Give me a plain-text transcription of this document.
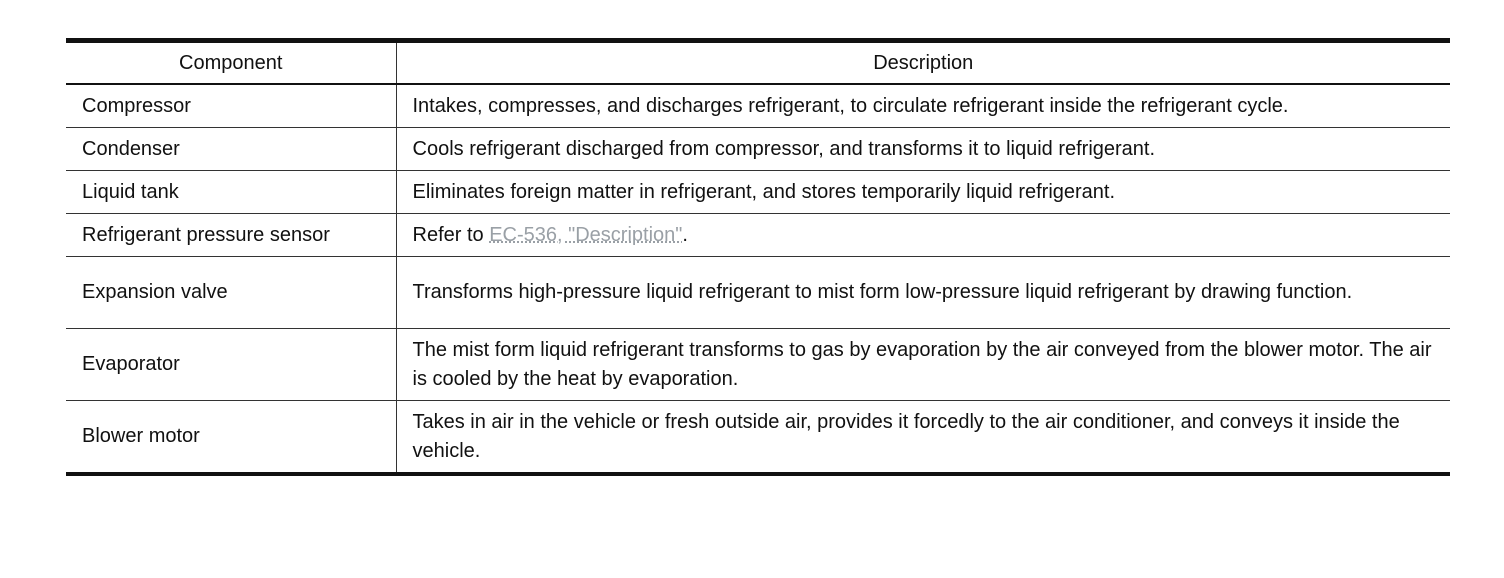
Component	Description
Compressor	Intakes, compresses, and discharges refrigerant, to circulate refrigerant inside the refrigerant cycle.
Condenser	Cools refrigerant discharged from compressor, and transforms it to liquid refrigerant.
Liquid tank	Eliminates foreign matter in refrigerant, and stores temporarily liquid refrigerant.
Refrigerant pressure sensor	Refer to EC-536, "Description".
Expansion valve	Transforms high-pressure liquid refrigerant to mist form low-pressure liquid refrigerant by drawing function.
Evaporator	The mist form liquid refrigerant transforms to gas by evaporation by the air conveyed from the blower motor. The air is cooled by the heat by evaporation.
Blower motor	Takes in air in the vehicle or fresh outside air, provides it forcedly to the air conditioner, and conveys it inside the vehicle.
